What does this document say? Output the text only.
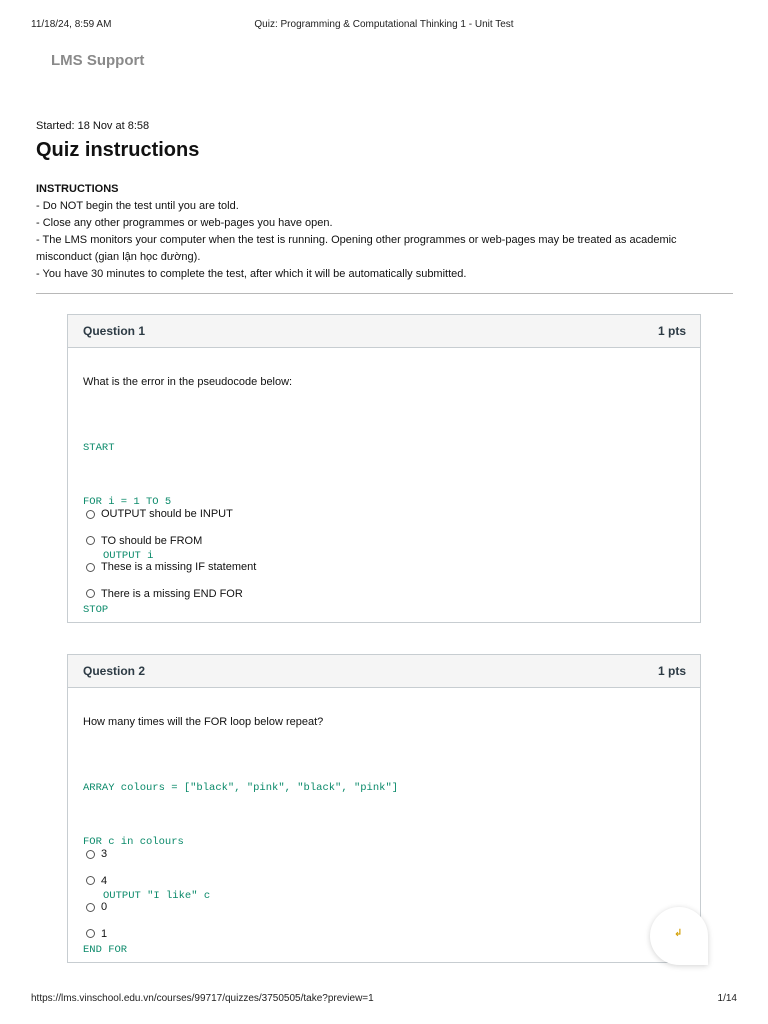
11/18/24, 8:59 AM	Quiz: Programming & Computational Thinking 1 - Unit Test
LMS Support
Started: 18 Nov at 8:58
Quiz instructions
INSTRUCTIONS
- Do NOT begin the test until you are told.
- Close any other programmes or web-pages you have open.
- The LMS monitors your computer when the test is running. Opening other programmes or web-pages may be treated as academic misconduct (gian lận học đường).
- You have 30 minutes to complete the test, after which it will be automatically submitted.
Question 1	1 pts
What is the error in the pseudocode below:

START

FOR i = 1 TO 5

OUTPUT i

STOP

OUTPUT should be INPUT
TO should be FROM
These is a missing IF statement
There is a missing END FOR
Question 2	1 pts
How many times will the FOR loop below repeat?

ARRAY colours = ["black", "pink", "black", "pink"]

FOR c in colours

OUTPUT "I like" c

END FOR

3
4
0
1	↲
https://lms.vinschool.edu.vn/courses/99717/quizzes/3750505/take?preview=1	1/14
